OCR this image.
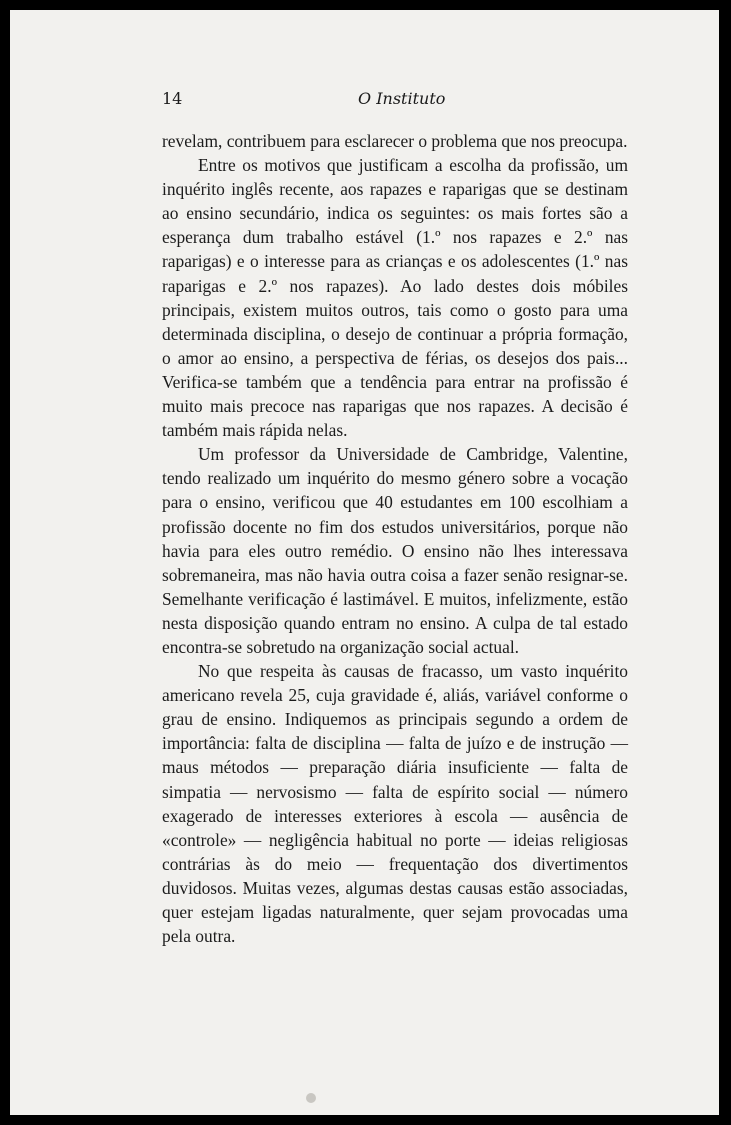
14	O Instituto

revelam, contribuem para esclarecer o problema que nos preocupa.

Entre os motivos que justificam a escolha da profissão, um inquérito inglês recente, aos rapazes e raparigas que se destinam ao ensino secundário, indica os seguintes: os mais fortes são a esperança dum trabalho estável (1.º nos rapazes e 2.º nas raparigas) e o interesse para as crianças e os adolescentes (1.º nas raparigas e 2.º nos rapazes). Ao lado destes dois móbiles principais, existem muitos outros, tais como o gosto para uma determinada disciplina, o desejo de continuar a própria formação, o amor ao ensino, a perspectiva de férias, os desejos dos pais... Verifica-se também que a tendência para entrar na profissão é muito mais precoce nas raparigas que nos rapazes. A decisão é também mais rápida nelas.

Um professor da Universidade de Cambridge, Valentine, tendo realizado um inquérito do mesmo género sobre a vocação para o ensino, verificou que 40 estudantes em 100 escolhiam a profissão docente no fim dos estudos universitários, porque não havia para eles outro remédio. O ensino não lhes interessava sobremaneira, mas não havia outra coisa a fazer senão resignar-se. Semelhante verificação é lastimável. E muitos, infelizmente, estão nesta disposição quando entram no ensino. A culpa de tal estado encontra-se sobretudo na organização social actual.

No que respeita às causas de fracasso, um vasto inquérito americano revela 25, cuja gravidade é, aliás, variável conforme o grau de ensino. Indiquemos as principais segundo a ordem de importância: falta de disciplina — falta de juízo e de instrução — maus métodos — preparação diária insuficiente — falta de simpatia — nervosismo — falta de espírito social — número exagerado de interesses exteriores à escola — ausência de «controle» — negligência habitual no porte — ideias religiosas contrárias às do meio — frequentação dos divertimentos duvidosos. Muitas vezes, algumas destas causas estão associadas, quer estejam ligadas naturalmente, quer sejam provocadas uma pela outra.
